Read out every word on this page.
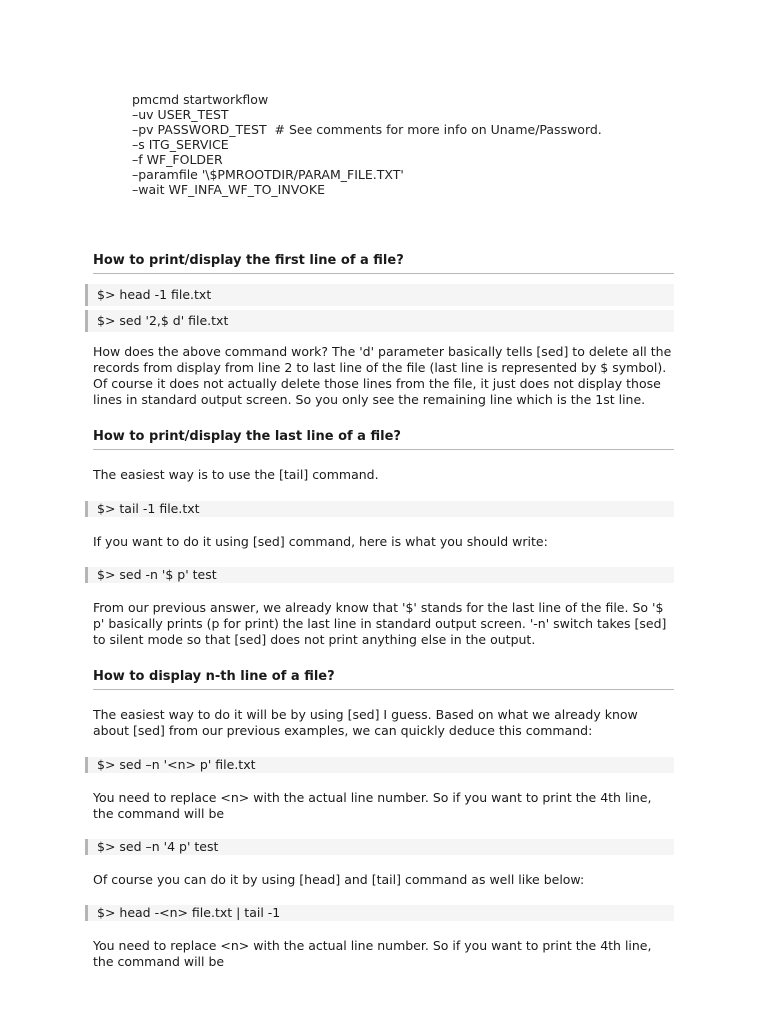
pmcmd startworkflow
–uv USER_TEST
–pv PASSWORD_TEST  # See comments for more info on Uname/Password.
–s ITG_SERVICE
–f WF_FOLDER
–paramfile '\$PMROOTDIR/PARAM_FILE.TXT'
–wait WF_INFA_WF_TO_INVOKE
How to print/display the first line of a file?
$> head -1 file.txt
$> sed '2,$ d' file.txt

How does the above command work? The 'd' parameter basically tells [sed] to delete all the records from display from line 2 to last line of the file (last line is represented by $ symbol). Of course it does not actually delete those lines from the file, it just does not display those lines in standard output screen. So you only see the remaining line which is the 1st line.

How to print/display the last line of a file?

The easiest way is to use the [tail] command.

$> tail -1 file.txt

If you want to do it using [sed] command, here is what you should write:

$> sed -n '$ p' test

From our previous answer, we already know that '$' stands for the last line of the file. So '$ p' basically prints (p for print) the last line in standard output screen. '-n' switch takes [sed] to silent mode so that [sed] does not print anything else in the output.

How to display n-th line of a file?

The easiest way to do it will be by using [sed] I guess. Based on what we already know about [sed] from our previous examples, we can quickly deduce this command:

$> sed –n '<n> p' file.txt

You need to replace <n> with the actual line number. So if you want to print the 4th line, the command will be

$> sed –n '4 p' test

Of course you can do it by using [head] and [tail] command as well like below:

$> head -<n> file.txt | tail -1

You need to replace <n> with the actual line number. So if you want to print the 4th line, the command will be
